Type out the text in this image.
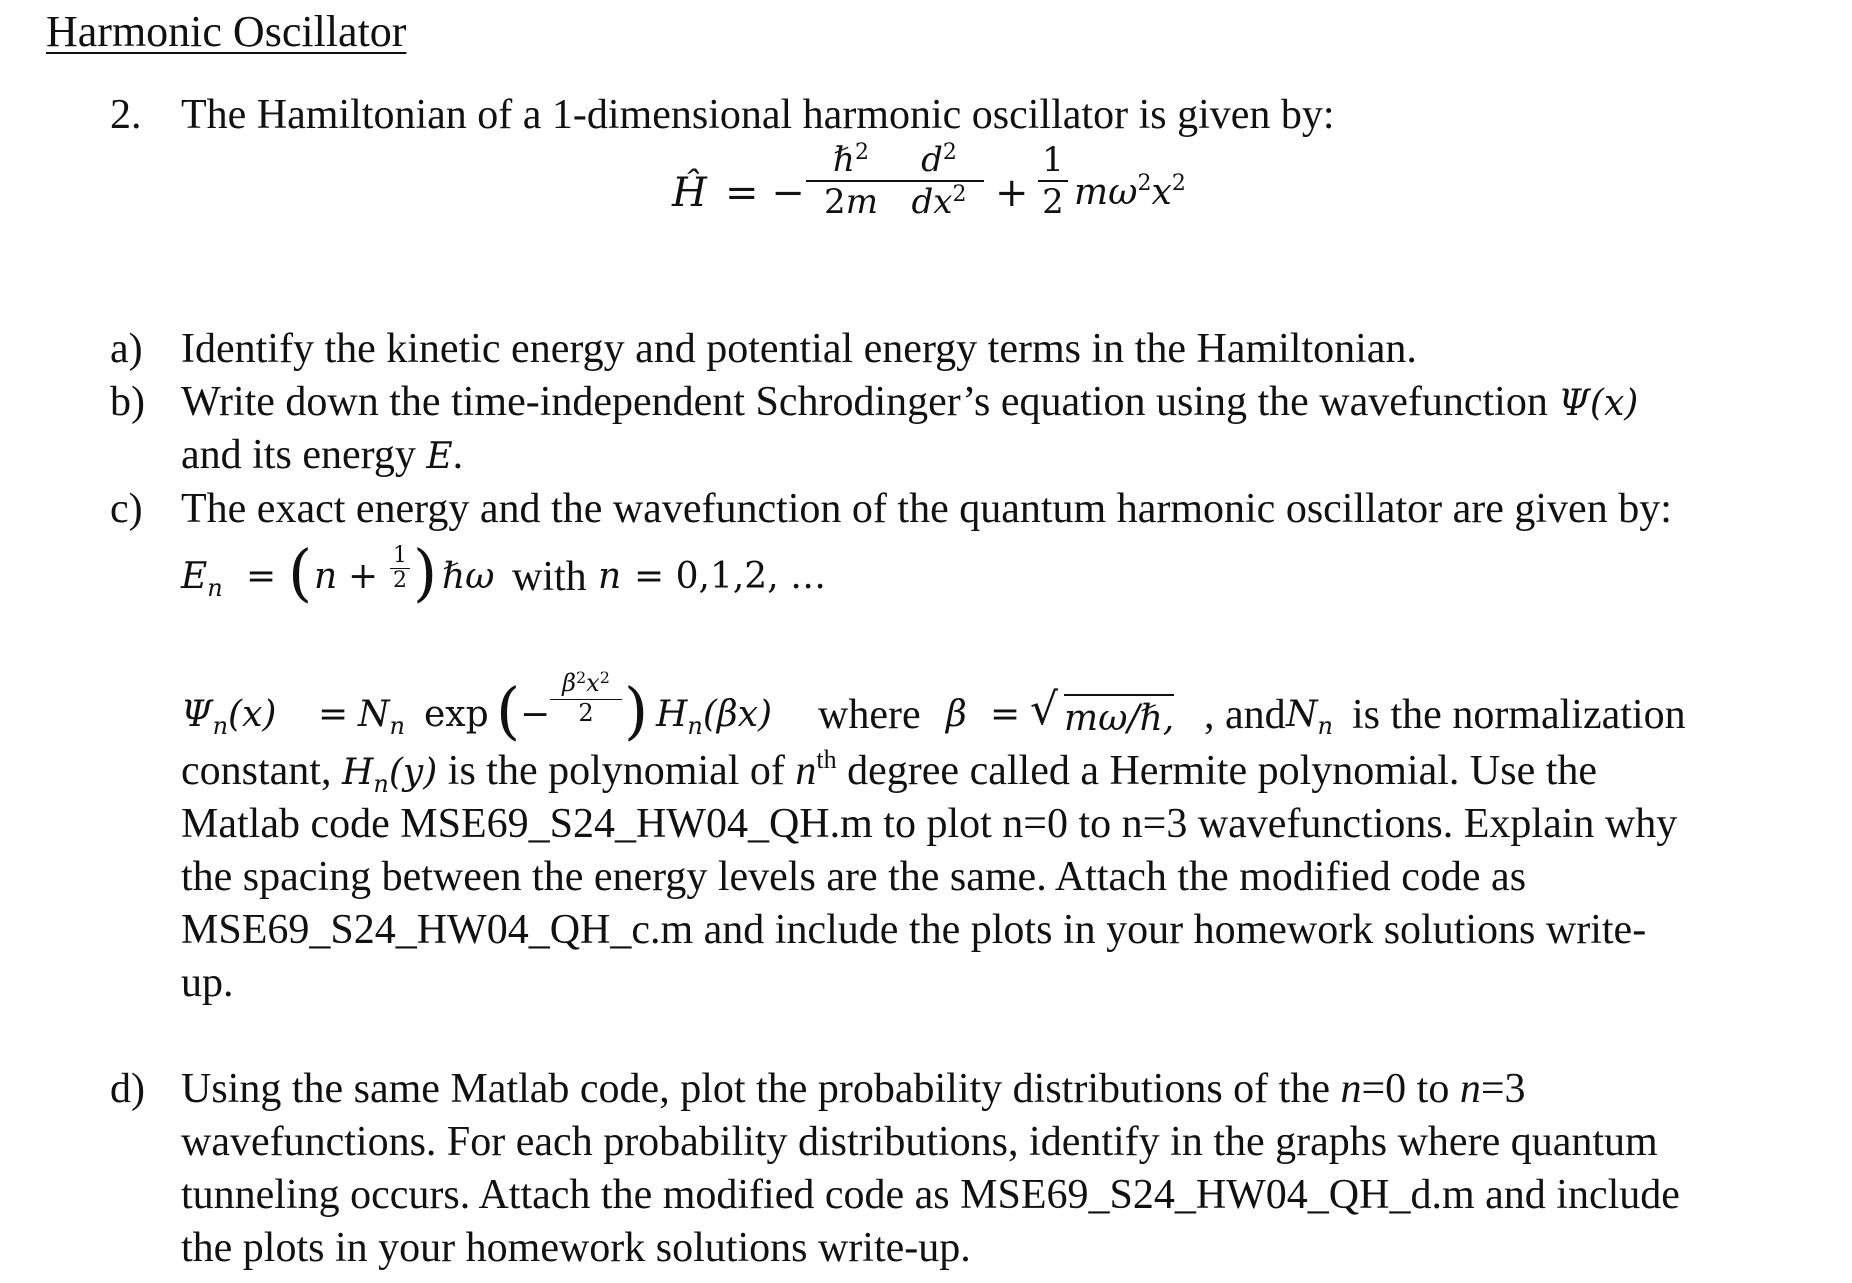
Harmonic Oscillator
2. The Hamiltonian of a 1-dimensional harmonic oscillator is given by:
Ĥ = −
ℏ$^2$
2m
$d^2$
$dx^2$ +
1
2 $m\omega^2x^2$
a) Identify the kinetic energy and potential energy terms in the Hamiltonian.
b) Write down the time-independent Schrodinger’s equation using the wavefunction Ψ(x)
and its energy E.
c) The exact energy and the wavefunction of the quantum harmonic oscillator are given by:
$E_n$ = ( n +
1
2 ) ℏω with n = 0,1,2, …
$\Psi_n(x) = N_n$ exp ( −
$\beta^2x^2$
2 ) $H_n(\beta x)$ where β = √ mω/ℏ, , and $N_n$ is the normalization
constant, $H_n(y)$ is the polynomial of $n^{th}$ degree called a Hermite polynomial. Use the
Matlab code MSE69_S24_HW04_QH.m to plot n=0 to n=3 wavefunctions. Explain why
the spacing between the energy levels are the same. Attach the modified code as
MSE69_S24_HW04_QH_c.m and include the plots in your homework solutions write-
up.
d) Using the same Matlab code, plot the probability distributions of the n=0 to n=3
wavefunctions. For each probability distributions, identify in the graphs where quantum
tunneling occurs. Attach the modified code as MSE69_S24_HW04_QH_d.m and include
the plots in your homework solutions write-up.
